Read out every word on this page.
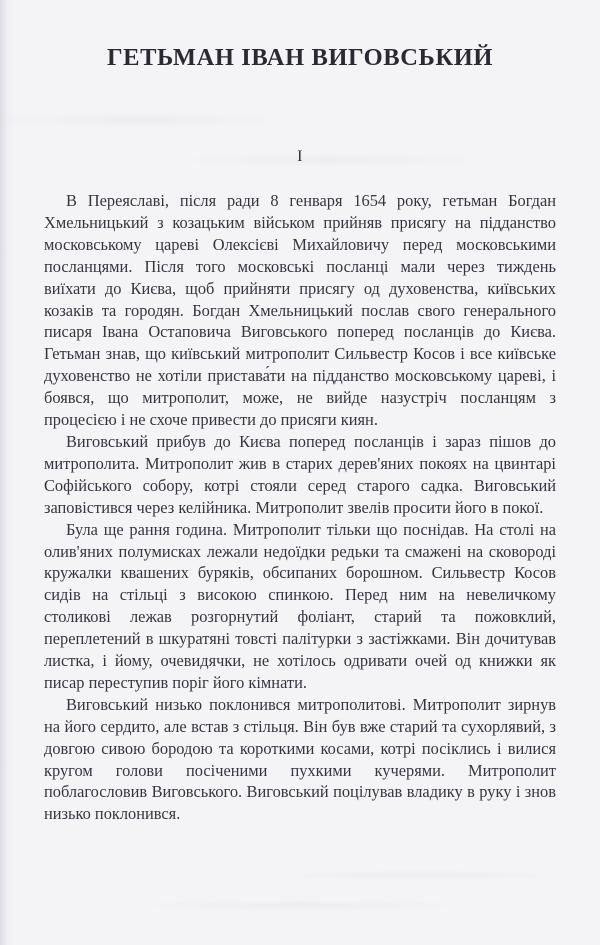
ГЕТЬМАН ІВАН ВИГОВСЬКИЙ
I

В Переяславі, після ради 8 генваря 1654 року, гетьман Богдан Хмельницький з козацьким військом прийняв присягу на підданство московському цареві Олексієві Михайловичу перед московськими посланцями. Після того московські посланці мали через тиждень виїхати до Києва, щоб прийняти присягу од духовенства, київських козаків та городян. Богдан Хмельницький послав свого генерального писаря Івана Остаповича Виговського поперед посланців до Києва. Гетьман знав, що київський митрополит Сильвестр Косов і все київське духовенство не хотіли пристава́ти на підданство московському цареві, і боявся, що митрополит, може, не вийде назустріч посланцям з процесією і не схоче привести до присяги киян.

Виговський прибув до Києва поперед посланців і зараз пішов до митрополита. Митрополит жив в старих дерев'яних покоях на цвинтарі Софійського собору, котрі стояли серед старого садка. Виговський заповістився через келійника. Митрополит звелів просити його в покої.

Була ще рання година. Митрополит тільки що поснідав. На столі на олив'яних полумисках лежали недоїдки редьки та смажені на сковороді кружалки квашених буряків, обсипаних борошном. Сильвестр Косов сидів на стільці з високою спинкою. Перед ним на невеличкому столикові лежав розгорнутий фоліант, старий та пожовклий, переплетений в шкуратяні товсті палітурки з застіжками. Він дочитував листка, і йому, очевидячки, не хотілось одривати очей од книжки як писар переступив поріг його кімнати.

Виговський низько поклонився митрополитові. Митрополит зирнув на його сердито, але встав з стільця. Він був вже старий та сухорлявий, з довгою сивою бородою та короткими косами, котрі посіклись і вилися кругом голови посіченими пухкими кучерями. Митрополит поблагословив Виговського. Виговський поцілував владику в руку і знов низько поклонився.
